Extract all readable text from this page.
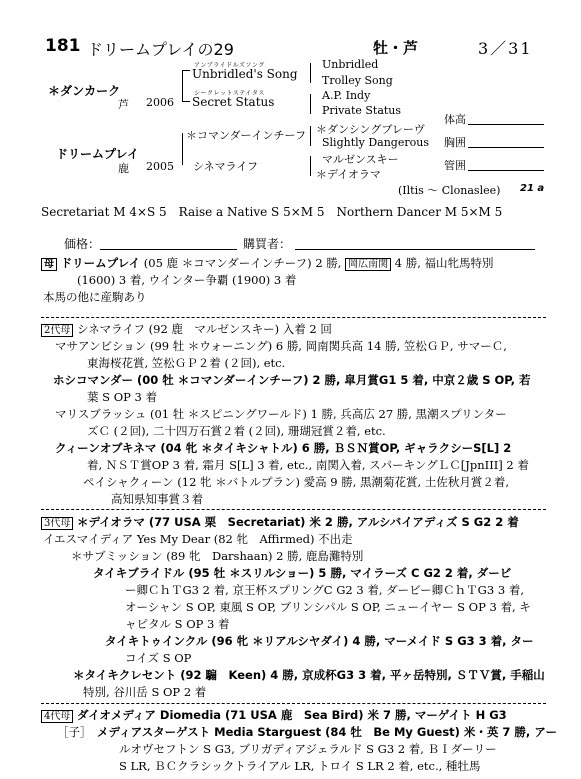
181 ドリームプレイの29	牡・芦	3／31
＊ダンカーク
芦 2006
アンブライドルズソング
Unbridled's Song
シークレットステイタス
Secret Status
Unbridled
Trolley Song
A.P. Indy
Private Status
ドリームプレイ
鹿 2005
＊コマンダーインチーフ
シネマライフ
＊ダンシングブレーヴ
Slightly Dangerous
マルゼンスキー
＊デイオラマ
体高
胸囲
管囲
(Iltis ～ Clonaslee) 21 a
Secretariat M 4×S 5　Raise a Native S 5×M 5　Northern Dancer M 5×M 5
価格：	購買者：
母 ドリームプレイ (05 鹿 ＊コマンダーインチーフ) 2 勝, 岡広南関 4 勝, 福山牝馬特別
(1600) 3 着, ウインター争覇 (1900) 3 着
本馬の他に産駒あり
2代母 シネマライフ (92 鹿　マルゼンスキー) 入着 2 回
マサアンビション (99 牡 ＊ウォーニング) 6 勝, 岡南関兵高 14 勝, 笠松ＧＰ, サマーＣ,
東海桜花賞, 笠松ＧＰ２着 (２回), etc.
ホシコマンダー (00 牡 ＊コマンダーインチーフ) 2 勝, 皐月賞G1 5 着, 中京２歳 S OP, 若
葉 S OP 3 着
マリスブラッシュ (01 牡 ＊スピニングワールド) 1 勝, 兵高広 27 勝, 黒潮スプリンター
ズＣ (２回), 二十四万石賞２着 (２回), 珊瑚冠賞２着, etc.
クィーンオブキネマ (04 牝 ＊タイキシャトル) 6 勝, ＢＳＮ賞OP, ギャラクシーS[L] 2
着, ＮＳＴ賞OP 3 着, 霜月 S[L] 3 着, etc., 南関入着, スパーキングＬＣ[JpnIII] 2 着
ペイシャクィーン (12 牝 ＊バトルプラン) 愛高 9 勝, 黒潮菊花賞, 土佐秋月賞２着,
高知県知事賞３着
3代母 ＊デイオラマ (77 USA 栗　Secretariat) 米 2 勝, アルシバイアディズ S G2 2 着
イエスマイディア Yes My Dear (82 牝　Affirmed) 不出走
＊サブミッション (89 牝　Darshaan) 2 勝, 鹿島灘特別
タイキブライドル (95 牡 ＊スリルショー) 5 勝, マイラーズ C G2 2 着, ダービ
ー卿ＣｈＴG3 2 着, 京王杯スプリングC G2 3 着, ダービー卿ＣｈＴG3 3 着,
オーシャン S OP, 東風 S OP, ブリンシパル S OP, ニューイヤー S OP 3 着, キ
ャピタル S OP 3 着
タイキトゥインクル (96 牝 ＊リアルシヤダイ) 4 勝, マーメイド S G3 3 着, ター
コイズ S OP
＊タイキクレセント (92 騸　Keen) 4 勝, 京成杯G3 3 着, 平ヶ岳特別, ＳＴＶ賞, 手稲山
特別, 谷川岳 S OP 2 着
4代母 ダイオメディア Diomedia (71 USA 鹿　Sea Bird) 米 7 勝, マーゲイト H G3
［子］ メディアスターゲスト Media Starguest (84 牡　Be My Guest) 米・英 7 勝, アー
ルオヴセフトン S G3, ブリガディアジェラルド S G3 2 着, ＢＩダーリー
S LR, ＢＣクラシックトライアル LR, トロイ S LR 2 着, etc., 種牡馬
